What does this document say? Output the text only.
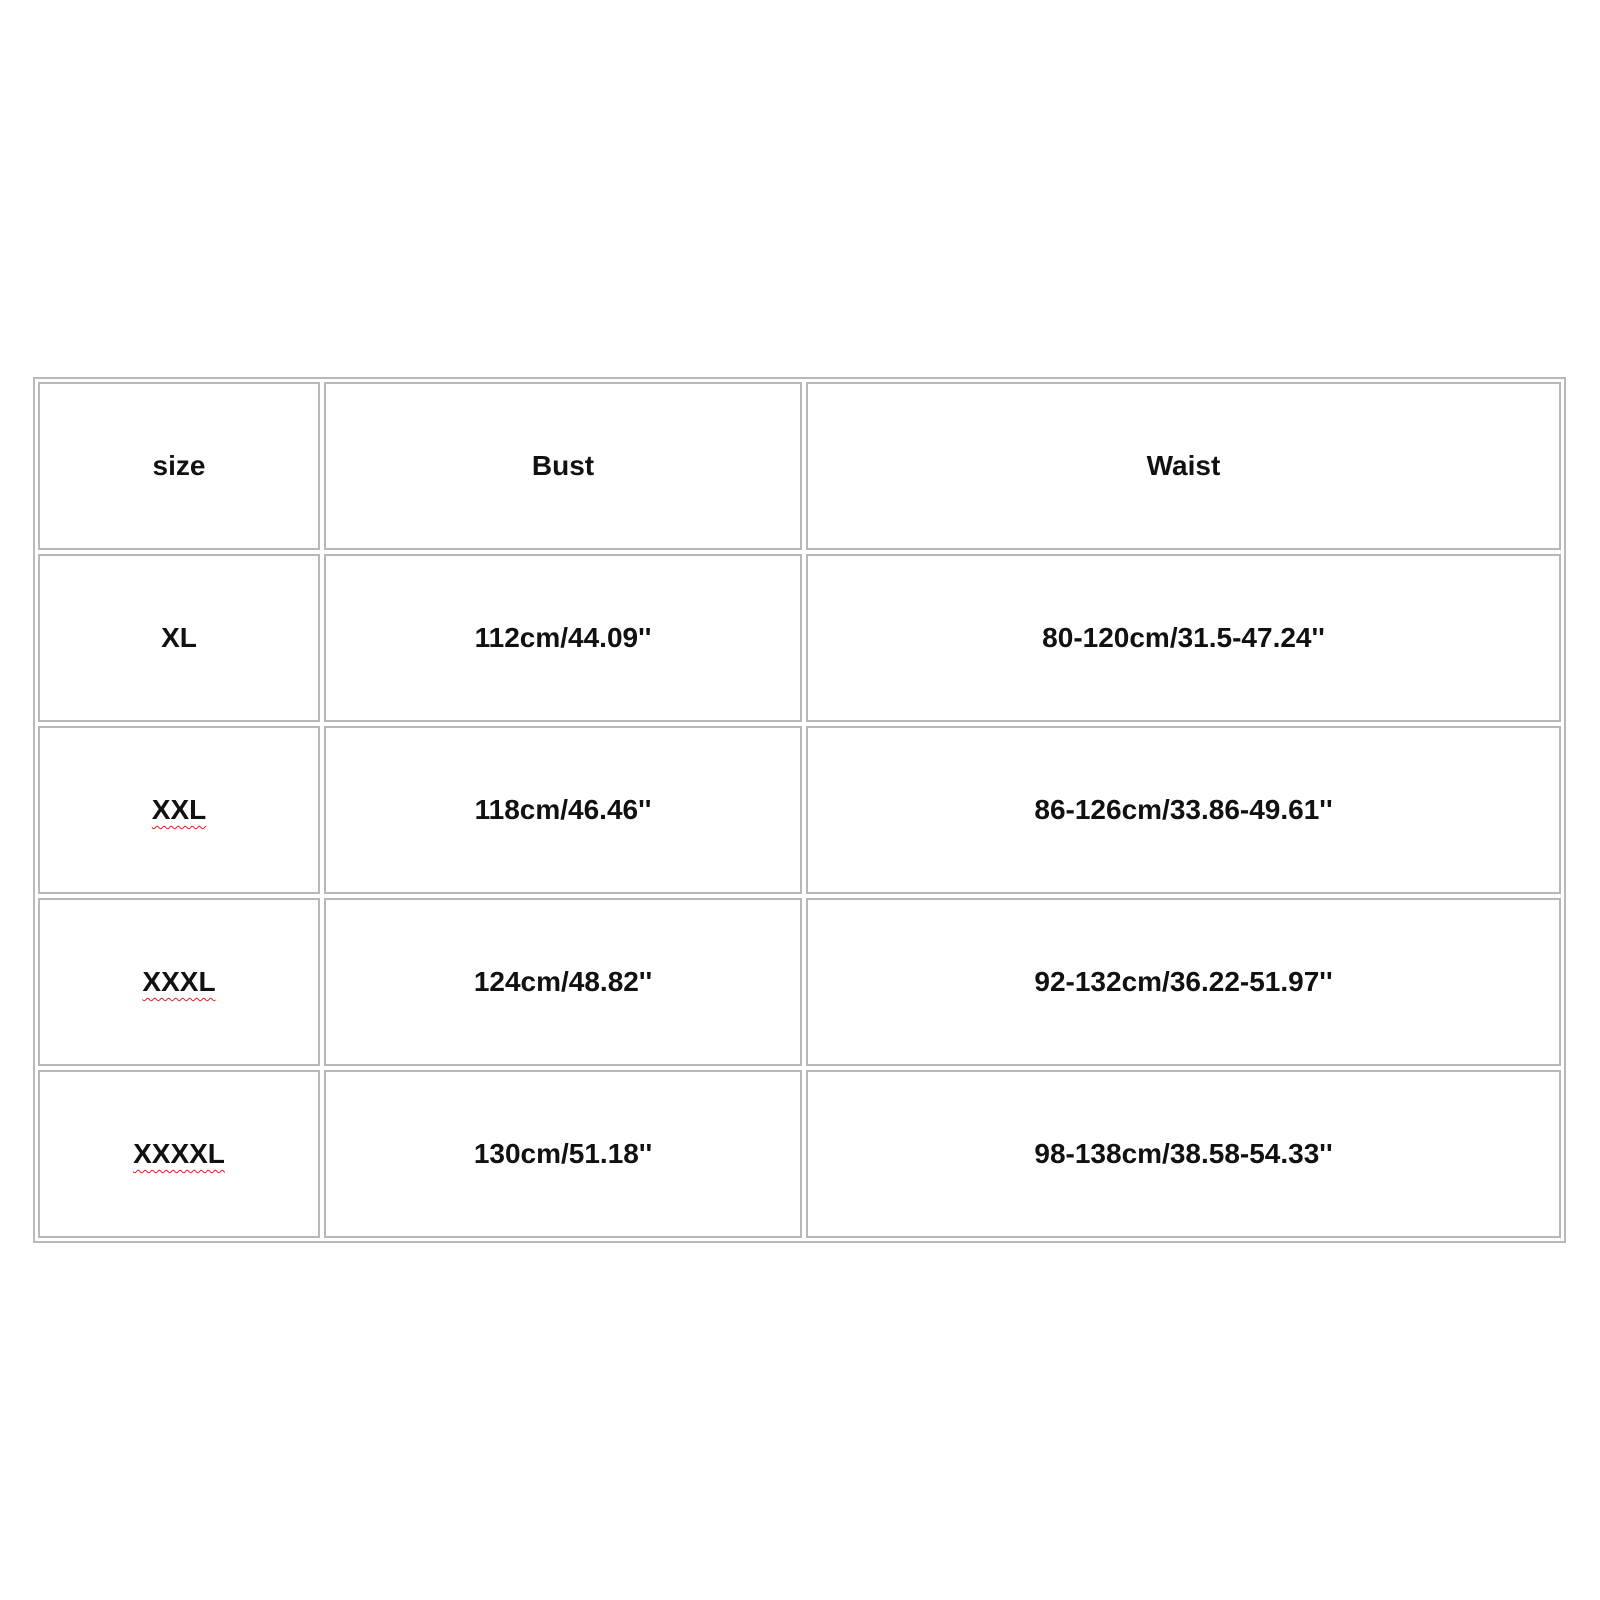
size	Bust	Waist
XL	112cm/44.09''	80-120cm/31.5-47.24''
XXL	118cm/46.46''	86-126cm/33.86-49.61''
XXXL	124cm/48.82''	92-132cm/36.22-51.97''
XXXXL	130cm/51.18''	98-138cm/38.58-54.33''
